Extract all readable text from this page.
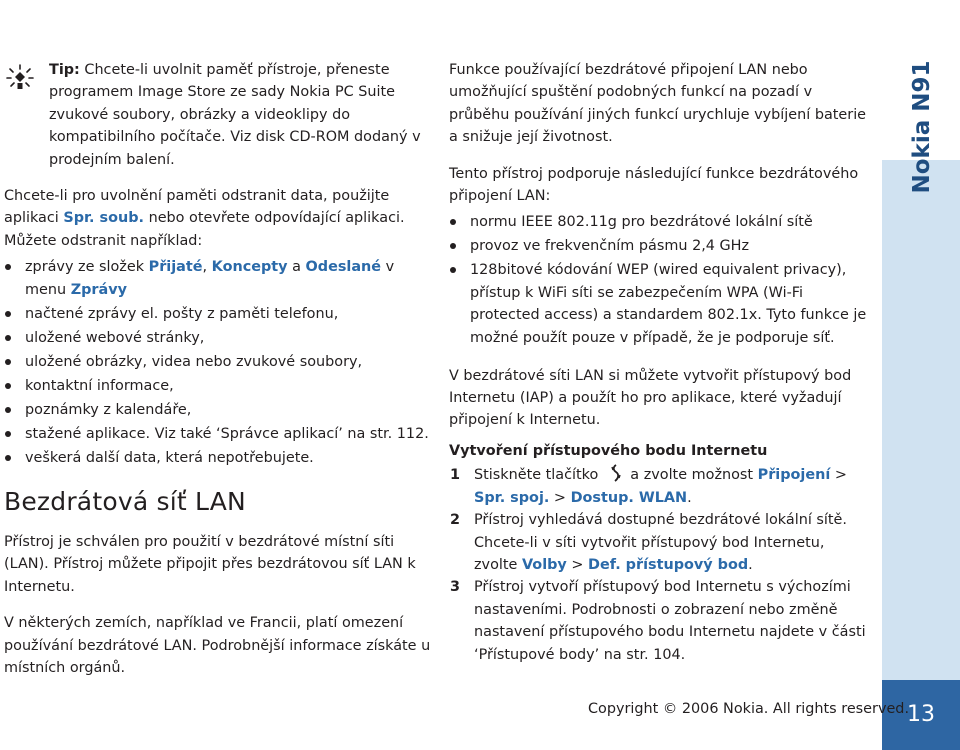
Tip: Chcete-li uvolnit paměť přístroje, přeneste programem Image Store ze sady Nokia PC Suite zvukové soubory, obrázky a videoklipy do kompatibilního počítače. Viz disk CD-ROM dodaný v prodejním balení.

Chcete-li pro uvolnění paměti odstranit data, použijte aplikaci Spr. soub. nebo otevřete odpovídající aplikaci. Můžete odstranit například:

zprávy ze složek Přijaté, Koncepty a Odeslané v menu Zprávy
načtené zprávy el. pošty z paměti telefonu,
uložené webové stránky,
uložené obrázky, videa nebo zvukové soubory,
kontaktní informace,
poznámky z kalendáře,
stažené aplikace. Viz také ‘Správce aplikací’ na str. 112.
veškerá další data, která nepotřebujete.
Bezdrátová síť LAN

Přístroj je schválen pro použití v bezdrátové místní síti (LAN). Přístroj můžete připojit přes bezdrátovou síť LAN k Internetu.

V některých zemích, například ve Francii, platí omezení používání bezdrátové LAN. Podrobnější informace získáte u místních orgánů.

Funkce používající bezdrátové připojení LAN nebo umožňující spuštění podobných funkcí na pozadí v průběhu používání jiných funkcí urychluje vybíjení baterie a snižuje její životnost.

Tento přístroj podporuje následující funkce bezdrátového připojení LAN:

normu IEEE 802.11g pro bezdrátové lokální sítě
provoz ve frekvenčním pásmu 2,4 GHz
128bitové kódování WEP (wired equivalent privacy), přístup k WiFi síti se zabezpečením WPA (Wi-Fi protected access) a standardem 802.1x. Tyto funkce je možné použít pouze v případě, že je podporuje síť.

V bezdrátové síti LAN si můžete vytvořit přístupový bod Internetu (IAP) a použít ho pro aplikace, které vyžadují připojení k Internetu.

Vytvoření přístupového bodu Internetu

1 Stiskněte tlačítko a zvolte možnost Připojení > Spr. spoj. > Dostup. WLAN.
2 Přístroj vyhledává dostupné bezdrátové lokální sítě. Chcete-li v síti vytvořit přístupový bod Internetu, zvolte Volby > Def. přístupový bod.
3 Přístroj vytvoří přístupový bod Internetu s výchozími nastaveními. Podrobnosti o zobrazení nebo změně nastavení přístupového bodu Internetu najdete v části ‘Přístupové body’ na str. 104.
Nokia N91
13
Copyright © 2006 Nokia. All rights reserved.
